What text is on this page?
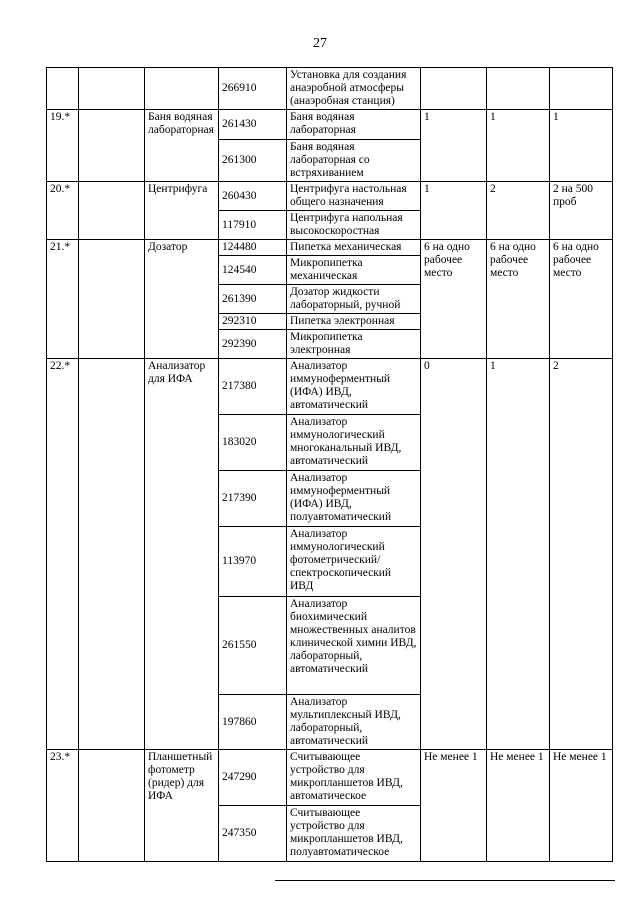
27
			266910	Установка для создания анаэробной атмосферы (анаэробная станция)			
19.*		Баня водяная лабораторная	261430	Баня водяная лабораторная	1	1	1
			261300	Баня водяная лабораторная со встряхиванием			
20.*		Центрифуга	260430	Центрифуга настольная общего назначения	1	2	2 на 500 проб
			117910	Центрифуга напольная высокоскоростная			
21.*		Дозатор	124480	Пипетка механическая	6 на одно рабочее место	6 на одно рабочее место	6 на одно рабочее место
			124540	Микропипетка механическая			
			261390	Дозатор жидкости лабораторный, ручной			
			292310	Пипетка электронная			
			292390	Микропипетка электронная			
22.*		Анализатор для ИФА	217380	Анализатор иммуноферментный (ИФА) ИВД, автоматический	0	1	2
			183020	Анализатор иммунологический многоканальный ИВД, автоматический			
			217390	Анализатор иммуноферментный (ИФА) ИВД, полуавтоматический			
			113970	Анализатор иммунологический фотометрический/ спектроскопический ИВД			
			261550	Анализатор биохимический множественных аналитов клинической химии ИВД, лабораторный, автоматический			
			197860	Анализатор мультиплексный ИВД, лабораторный, автоматический			
23.*		Планшетный фотометр (ридер) для ИФА	247290	Считывающее устройство для микропланшетов ИВД, автоматическое	Не менее 1	Не менее 1	Не менее 1
			247350	Считывающее устройство для микропланшетов ИВД, полуавтоматическое			
